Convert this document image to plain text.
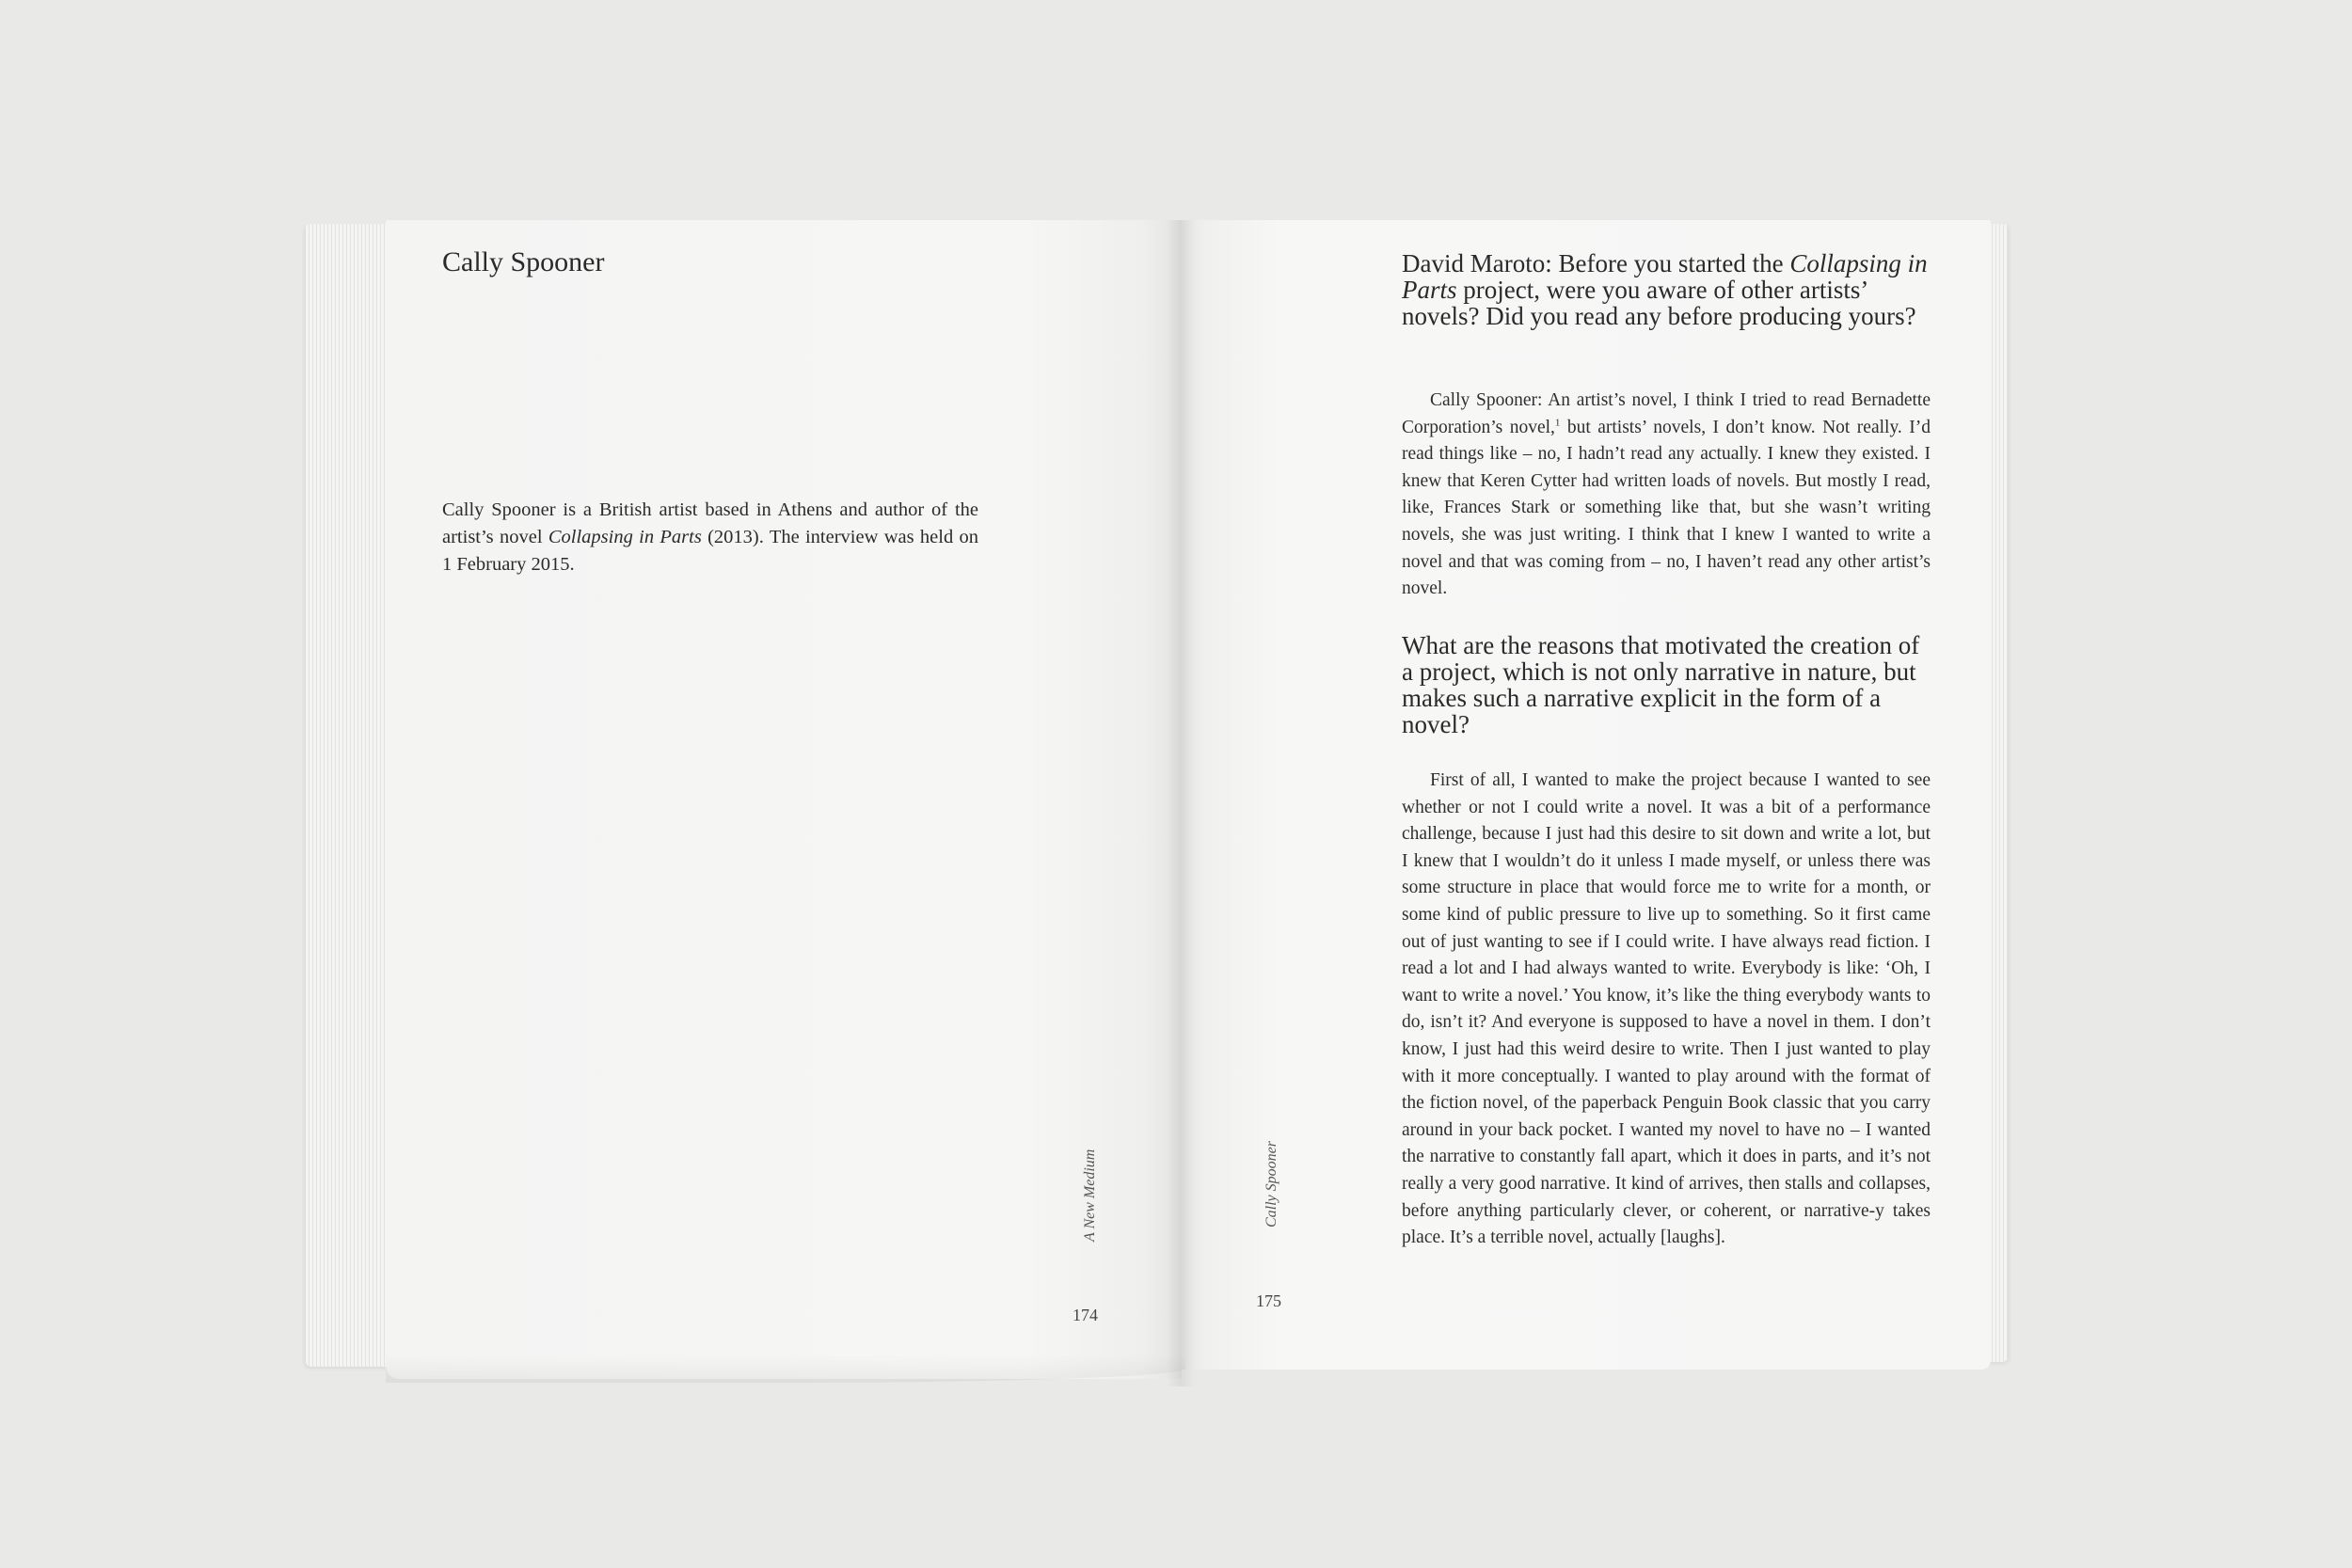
Cally Spooner

Cally Spooner is a British artist based in Athens and author of the artist’s novel Collapsing in Parts (2013). The interview was held on 1 February 2015.

A New Medium
174
Cally Spooner
175

David Maroto: Before you started the Collapsing in Parts project, were you aware of other artists’ novels? Did you read any before producing yours?

Cally Spooner: An artist’s novel, I think I tried to read Bernadette Corporation’s novel,$^1$ but artists’ novels, I don’t know. Not really. I’d read things like – no, I hadn’t read any actually. I knew they existed. I knew that Keren Cytter had written loads of novels. But mostly I read, like, Frances Stark or something like that, but she wasn’t writing novels, she was just writing. I think that I knew I wanted to write a novel and that was coming from – no, I haven’t read any other artist’s novel.

What are the reasons that motivated the creation of a project, which is not only narrative in nature, but makes such a narrative explicit in the form of a novel?

First of all, I wanted to make the project because I wanted to see whether or not I could write a novel. It was a bit of a performance challenge, because I just had this desire to sit down and write a lot, but I knew that I wouldn’t do it unless I made myself, or unless there was some structure in place that would force me to write for a month, or some kind of public pressure to live up to something. So it first came out of just wanting to see if I could write. I have always read fiction. I read a lot and I had always wanted to write. Everybody is like: ‘Oh, I want to write a novel.’ You know, it’s like the thing everybody wants to do, isn’t it? And everyone is supposed to have a novel in them. I don’t know, I just had this weird desire to write. Then I just wanted to play with it more conceptually. I wanted to play around with the format of the fiction novel, of the paperback Penguin Book classic that you carry around in your back pocket. I wanted my novel to have no – I wanted the narrative to constantly fall apart, which it does in parts, and it’s not really a very good narrative. It kind of arrives, then stalls and collapses, before anything particularly clever, or coherent, or narrative-y takes place. It’s a terrible novel, actually [laughs].
